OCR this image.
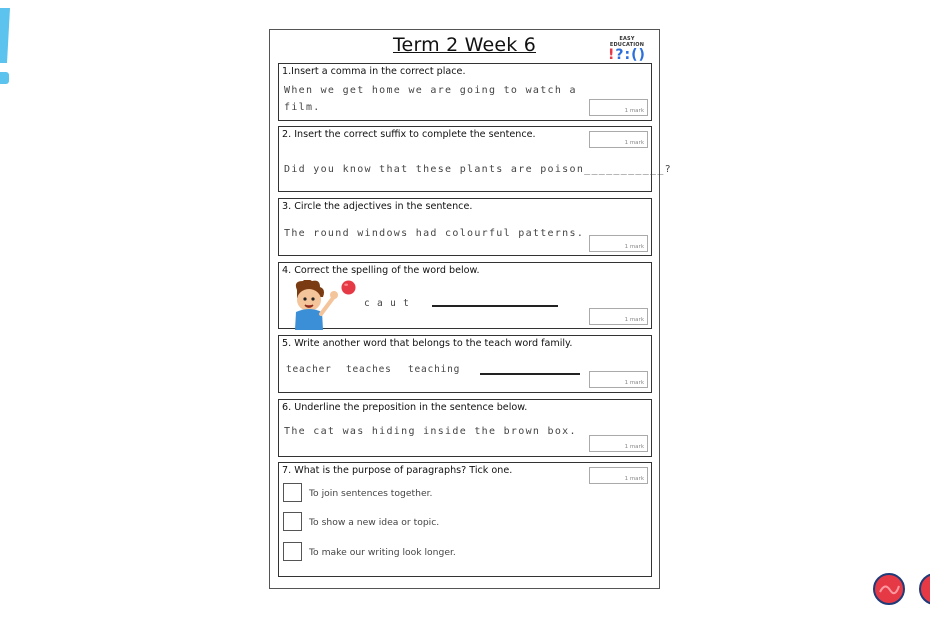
Term 2 Week 6	EASY EDUCATION
!?:()
1.Insert a comma in the correct place.
When we get home we are going to watch a
film.	1 mark
2. Insert the correct suffix to complete the sentence.
1 mark
Did you know that these plants are poison___________?
3. Circle the adjectives in the sentence.
The round windows had colourful patterns.
1 mark
4. Correct the spelling of the word below.
c a u t
1 mark
5. Write another word that belongs to the teach word family.
teacher teaches teaching
1 mark
6. Underline the preposition in the sentence below.
The cat was hiding inside the brown box.
1 mark
7. What is the purpose of paragraphs? Tick one.
1 mark
To join sentences together.
To show a new idea or topic.
To make our writing look longer.
